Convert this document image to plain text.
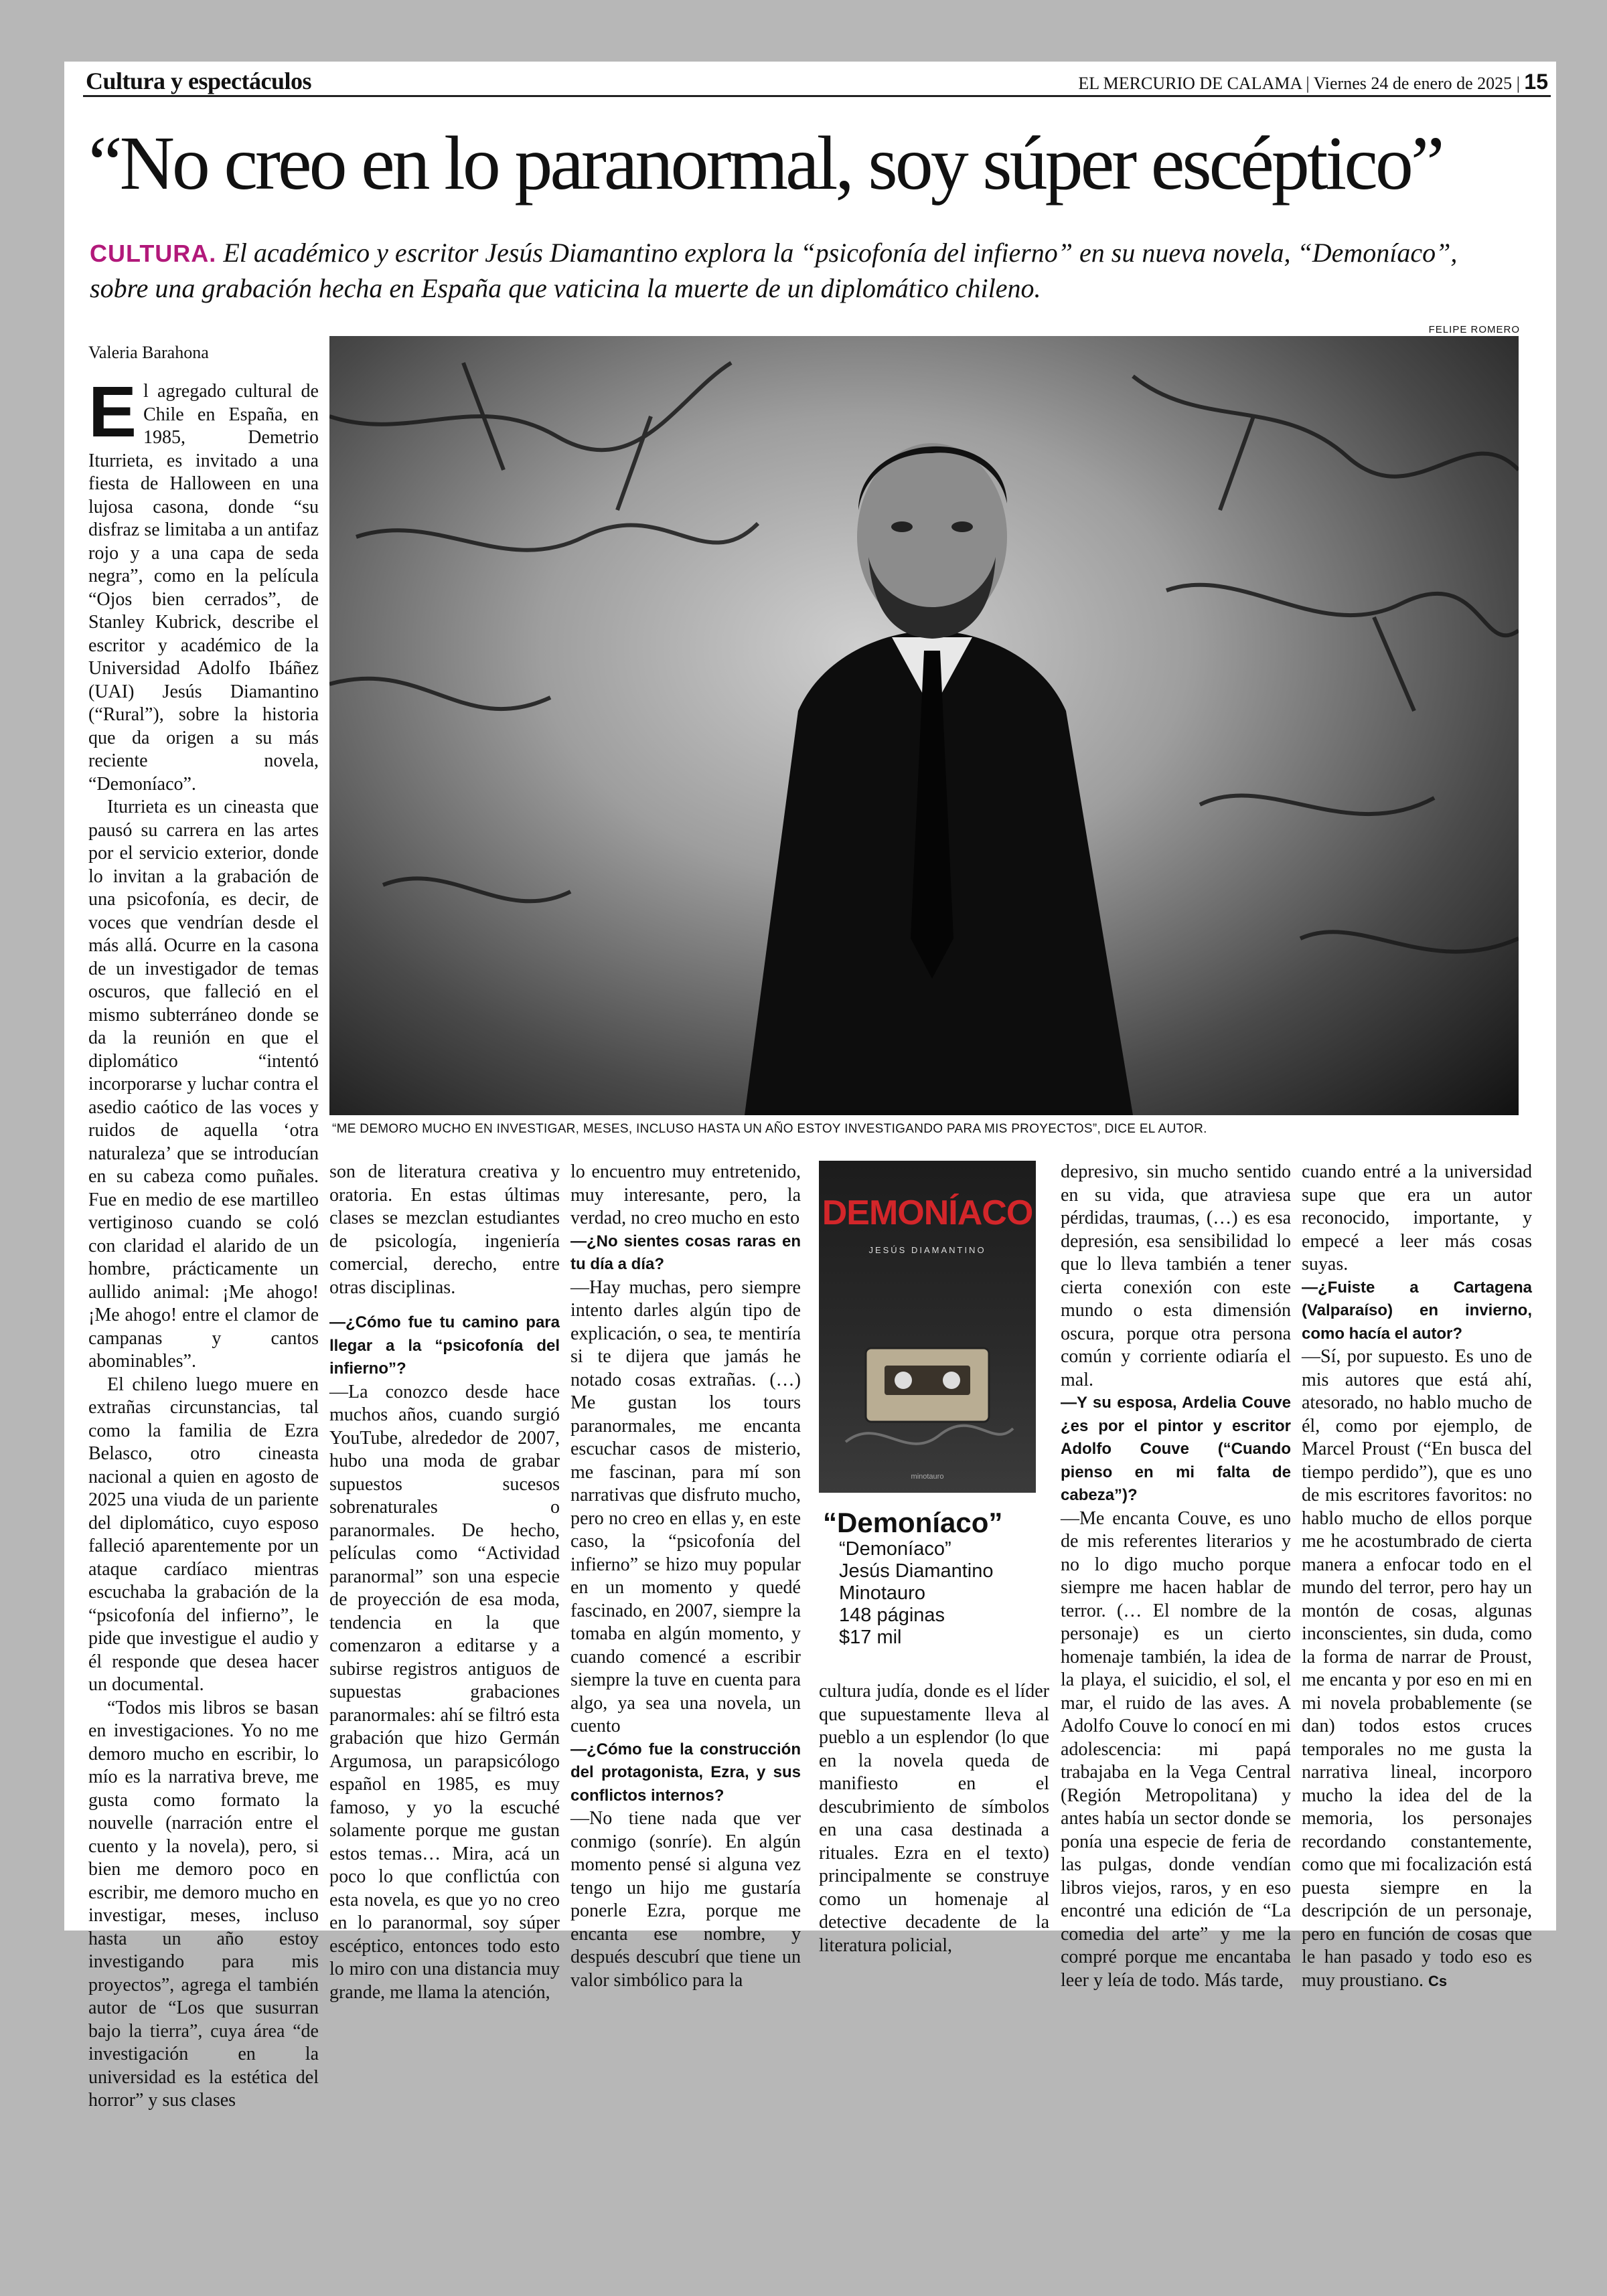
Cultura y espectáculos	EL MERCURIO DE CALAMA | Viernes 24 de enero de 2025 | 15
“No creo en lo paranormal, soy súper escéptico”
CULTURA. El académico y escritor Jesús Diamantino explora la “psicofonía del infierno” en su nueva novela, “Demoníaco”, sobre una grabación hecha en España que vaticina la muerte de un diplomático chileno.
FELIPE ROMERO
Valeria Barahona
“ME DEMORO MUCHO EN INVESTIGAR, MESES, INCLUSO HASTA UN AÑO ESTOY INVESTIGANDO PARA MIS PROYECTOS”, DICE EL AUTOR.

El agregado cultural de Chile en España, en 1985, Demetrio Iturrieta, es invitado a una fiesta de Halloween en una lujosa casona, donde “su disfraz se limitaba a un antifaz rojo y a una capa de seda negra”, como en la película “Ojos bien cerrados”, de Stanley Kubrick, describe el escritor y académico de la Universidad Adolfo Ibáñez (UAI) Jesús Diamantino (“Rural”), sobre la historia que da origen a su más reciente novela, “Demoníaco”.

Iturrieta es un cineasta que pausó su carrera en las artes por el servicio exterior, donde lo invitan a la grabación de una psicofonía, es decir, de voces que vendrían desde el más allá. Ocurre en la casona de un investigador de temas oscuros, que falleció en el mismo subterráneo donde se da la reunión en que el diplomático “intentó incorporarse y luchar contra el asedio caótico de las voces y ruidos de aquella ‘otra naturaleza’ que se introducían en su cabeza como puñales. Fue en medio de ese martilleo vertiginoso cuando se coló con claridad el alarido de un hombre, prácticamente un aullido animal: ¡Me ahogo! ¡Me ahogo! entre el clamor de campanas y cantos abominables”.

El chileno luego muere en extrañas circunstancias, tal como la familia de Ezra Belasco, otro cineasta nacional a quien en agosto de 2025 una viuda de un pariente del diplomático, cuyo esposo falleció aparentemente por un ataque cardíaco mientras escuchaba la grabación de la “psicofonía del infierno”, le pide que investigue el audio y él responde que desea hacer un documental.

“Todos mis libros se basan en investigaciones. Yo no me demoro mucho en escribir, lo mío es la narrativa breve, me gusta como formato la nouvelle (narración entre el cuento y la novela), pero, si bien me demoro poco en escribir, me demoro mucho en investigar, meses, incluso hasta un año estoy investigando para mis proyectos”, agrega el también autor de “Los que susurran bajo la tierra”, cuya área “de investigación en la universidad es la estética del horror” y sus clases

son de literatura creativa y oratoria. En estas últimas clases se mezclan estudiantes de psicología, ingeniería comercial, derecho, entre otras disciplinas.

—¿Cómo fue tu camino para llegar a la “psicofonía del infierno”?

—La conozco desde hace muchos años, cuando surgió YouTube, alrededor de 2007, hubo una moda de grabar supuestos sucesos sobrenaturales o paranormales. De hecho, películas como “Actividad paranormal” son una especie de proyección de esa moda, tendencia en la que comenzaron a editarse y a subirse registros antiguos de supuestas grabaciones paranormales: ahí se filtró esta grabación que hizo Germán Argumosa, un parapsicólogo español en 1985, es muy famoso, y yo la escuché solamente porque me gustan estos temas… Mira, acá un poco lo que conflictúa con esta novela, es que yo no creo en lo paranormal, soy súper escéptico, entonces todo esto lo miro con una distancia muy grande, me llama la atención,

lo encuentro muy entretenido, muy interesante, pero, la verdad, no creo mucho en esto

—¿No sientes cosas raras en tu día a día?

—Hay muchas, pero siempre intento darles algún tipo de explicación, o sea, te mentiría si te dijera que jamás he notado cosas extrañas. (…) Me gustan los tours paranormales, me encanta escuchar casos de misterio, me fascinan, para mí son narrativas que disfruto mucho, pero no creo en ellas y, en este caso, la “psicofonía del infierno” se hizo muy popular en un momento y quedé fascinado, en 2007, siempre la tomaba en algún momento, y cuando comencé a escribir siempre la tuve en cuenta para algo, ya sea una novela, un cuento

—¿Cómo fue la construcción del protagonista, Ezra, y sus conflictos internos?

—No tiene nada que ver conmigo (sonríe). En algún momento pensé si alguna vez tengo un hijo me gustaría ponerle Ezra, porque me encanta ese nombre, y después descubrí que tiene un valor simbólico para la

DEMONÍACO
JESÚS DIAMANTINO
minotauro
“Demoníaco”
“Demoníaco”
Jesús Diamantino
Minotauro
148 páginas
$17 mil

cultura judía, donde es el líder que supuestamente lleva al pueblo a un esplendor (lo que en la novela queda de manifiesto en el descubrimiento de símbolos en una casa destinada a rituales. Ezra en el texto) principalmente se construye como un homenaje al detective decadente de la literatura policial,

depresivo, sin mucho sentido en su vida, que atraviesa pérdidas, traumas, (…) es esa depresión, esa sensibilidad lo que lo lleva también a tener cierta conexión con este mundo o esta dimensión oscura, porque otra persona común y corriente odiaría el mal.

—Y su esposa, Ardelia Couve ¿es por el pintor y escritor Adolfo Couve (“Cuando pienso en mi falta de cabeza”)?

—Me encanta Couve, es uno de mis referentes literarios y no lo digo mucho porque siempre me hacen hablar de terror. (… El nombre de la personaje) es un cierto homenaje también, la idea de la playa, el suicidio, el sol, el mar, el ruido de las aves. A Adolfo Couve lo conocí en mi adolescencia: mi papá trabajaba en la Vega Central (Región Metropolitana) y antes había un sector donde se ponía una especie de feria de las pulgas, donde vendían libros viejos, raros, y en eso encontré una edición de “La comedia del arte” y me la compré porque me encantaba leer y leía de todo. Más tarde,

cuando entré a la universidad supe que era un autor reconocido, importante, y empecé a leer más cosas suyas.

—¿Fuiste a Cartagena (Valparaíso) en invierno, como hacía el autor?

—Sí, por supuesto. Es uno de mis autores que está ahí, atesorado, no hablo mucho de él, como por ejemplo, de Marcel Proust (“En busca del tiempo perdido”), que es uno de mis escritores favoritos: no hablo mucho de ellos porque me he acostumbrado de cierta manera a enfocar todo en el mundo del terror, pero hay un montón de cosas, algunas inconscientes, sin duda, como la forma de narrar de Proust, me encanta y por eso en mi en mi novela probablemente (se dan) todos estos cruces temporales no me gusta la narrativa lineal, incorporo mucho la idea del de la memoria, los personajes recordando constantemente, como que mi focalización está puesta siempre en la descripción de un personaje, pero en función de cosas que le han pasado y todo eso es muy proustiano. Cs
